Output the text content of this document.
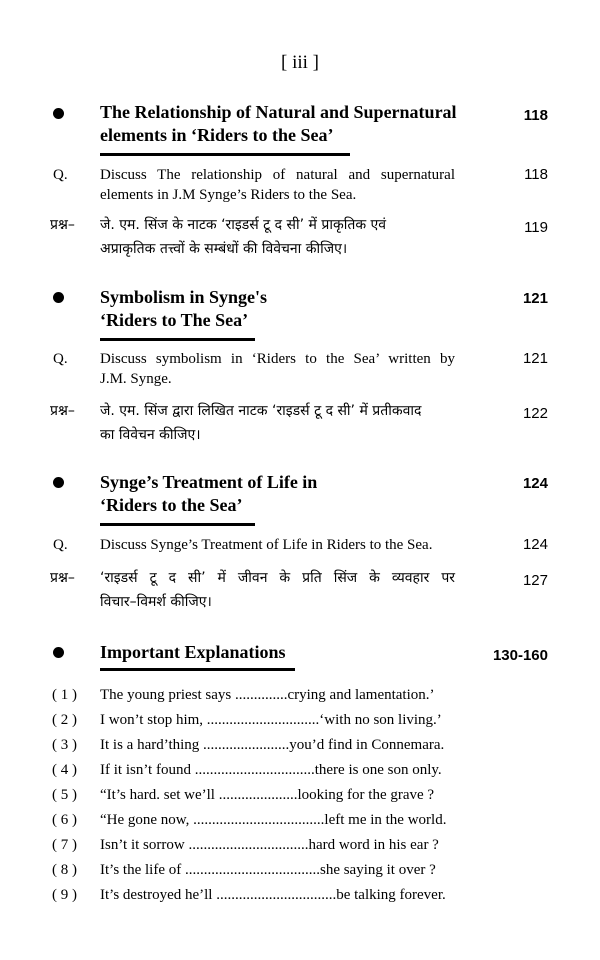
[ iii ]
The Relationship of Natural and Supernatural
elements in ‘Riders to the Sea’
118
Q. Discuss The relationship of natural and supernatural
elements in J.M Synge’s Riders to the Sea.
118
प्रश्न– जे. एम. सिंज के नाटक ‘राइडर्स टू द सी’ में प्राकृतिक एवं
अप्राकृतिक तत्त्वों के सम्बंधों की विवेचना कीजिए।
119
Symbolism in Synge's
‘Riders to The Sea’
121
Q. Discuss symbolism in ‘Riders to the Sea’ written by
J.M. Synge.
121
प्रश्न– जे. एम. सिंज द्वारा लिखित नाटक ‘राइडर्स टू द सी’ में प्रतीकवाद
का विवेचन कीजिए।
122
Synge’s Treatment of Life in
‘Riders to the Sea’
124
Q. Discuss Synge’s Treatment of Life in Riders to the Sea.	124
प्रश्न– ‘राइडर्स टू द सी’ में जीवन के प्रति सिंज के व्यवहार पर
विचार–विमर्श कीजिए।
127
Important Explanations	130-160
( 1 ) The young priest says ..............crying and lamentation.’
( 2 ) I won’t stop him, ..............................‘with no son living.’
( 3 ) It is a hard’thing .......................you’d find in Connemara.
( 4 ) If it isn’t found ................................there is one son only.
( 5 ) “It’s hard. set we’ll .....................looking for the grave ?
( 6 ) “He gone now, ...................................left me in the world.
( 7 ) Isn’t it sorrow ................................hard word in his ear ?
( 8 ) It’s the life of ....................................she saying it over ?
( 9 ) It’s destroyed he’ll ................................be talking forever.
